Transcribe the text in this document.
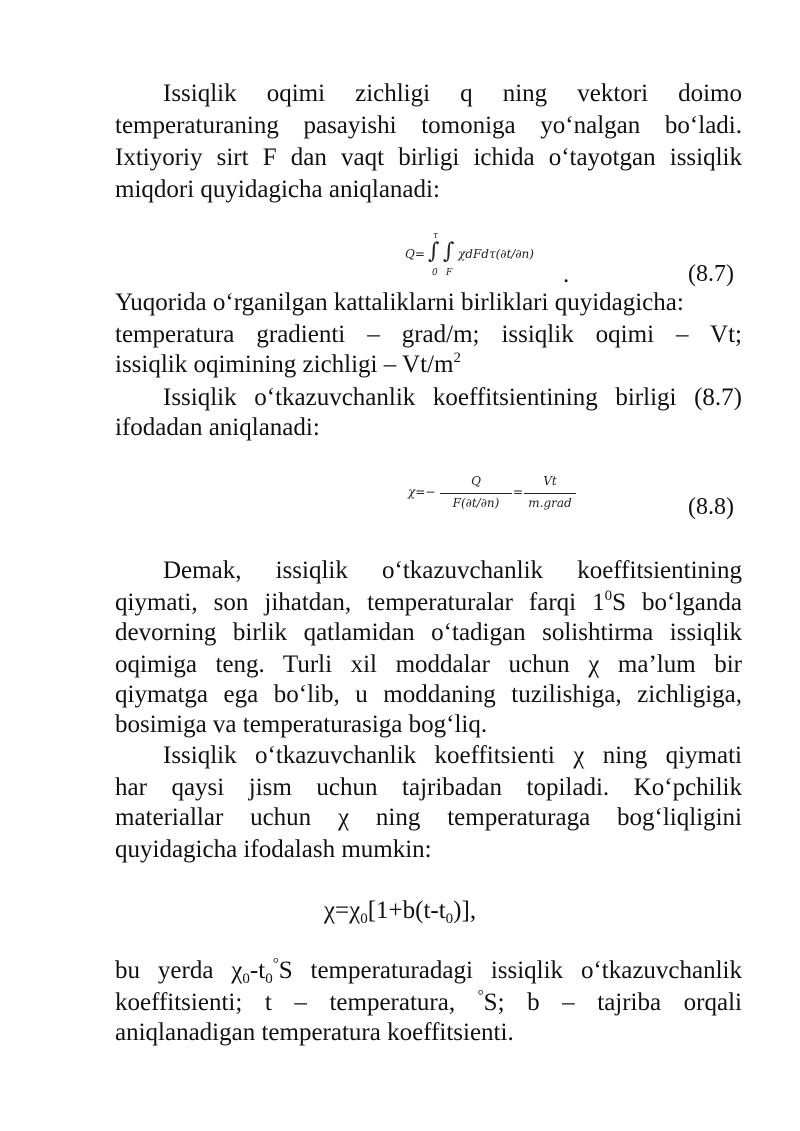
Issiqlik oqimi zichligi q ning vektori doimo
temperaturaning pasayishi tomoniga yo‘nalgan bo‘ladi.
Ixtiyoriy sirt F dan vaqt birligi ichida o‘tayotgan issiqlik
miqdori quyidagicha aniqlanadi:
Q= ∫ ∫
τ
0 F
χdFdτ(∂t/∂n)
.	(8.7)
Yuqorida o‘rganilgan kattaliklarni birliklari quyidagicha:
temperatura gradienti – grad/m; issiqlik oqimi – Vt;
issiqlik oqimining zichligi – $Vt/m^2$
Issiqlik o‘tkazuvchanlik koeffitsientining birligi (8.7)
ifodadan aniqlanadi:
χ=−
Q
F(∂t/∂n)
=
Vt
m.grad	(8.8)
Demak, issiqlik o‘tkazuvchanlik koeffitsientining
qiymati, son jihatdan, temperaturalar farqi $1^0S$ bo‘lganda
devorning birlik qatlamidan o‘tadigan solishtirma issiqlik
oqimiga teng. Turli xil moddalar uchun χ ma’lum bir
qiymatga ega bo‘lib, u moddaning tuzilishiga, zichligiga,
bosimiga va temperaturasiga bog‘liq.
Issiqlik o‘tkazuvchanlik koeffitsienti χ ning qiymati
har qaysi jism uchun tajribadan topiladi. Ko‘pchilik
materiallar uchun χ ning temperaturaga bog‘liqligini
quyidagicha ifodalash mumkin:
$\chi=\chi_0[1+b(t-t_0)]$,
bu yerda $\chi_0-t_0^\circ S$ temperaturadagi issiqlik o‘tkazuvchanlik
koeffitsienti; t – temperatura, °S; b – tajriba orqali
aniqlanadigan temperatura koeffitsienti.
